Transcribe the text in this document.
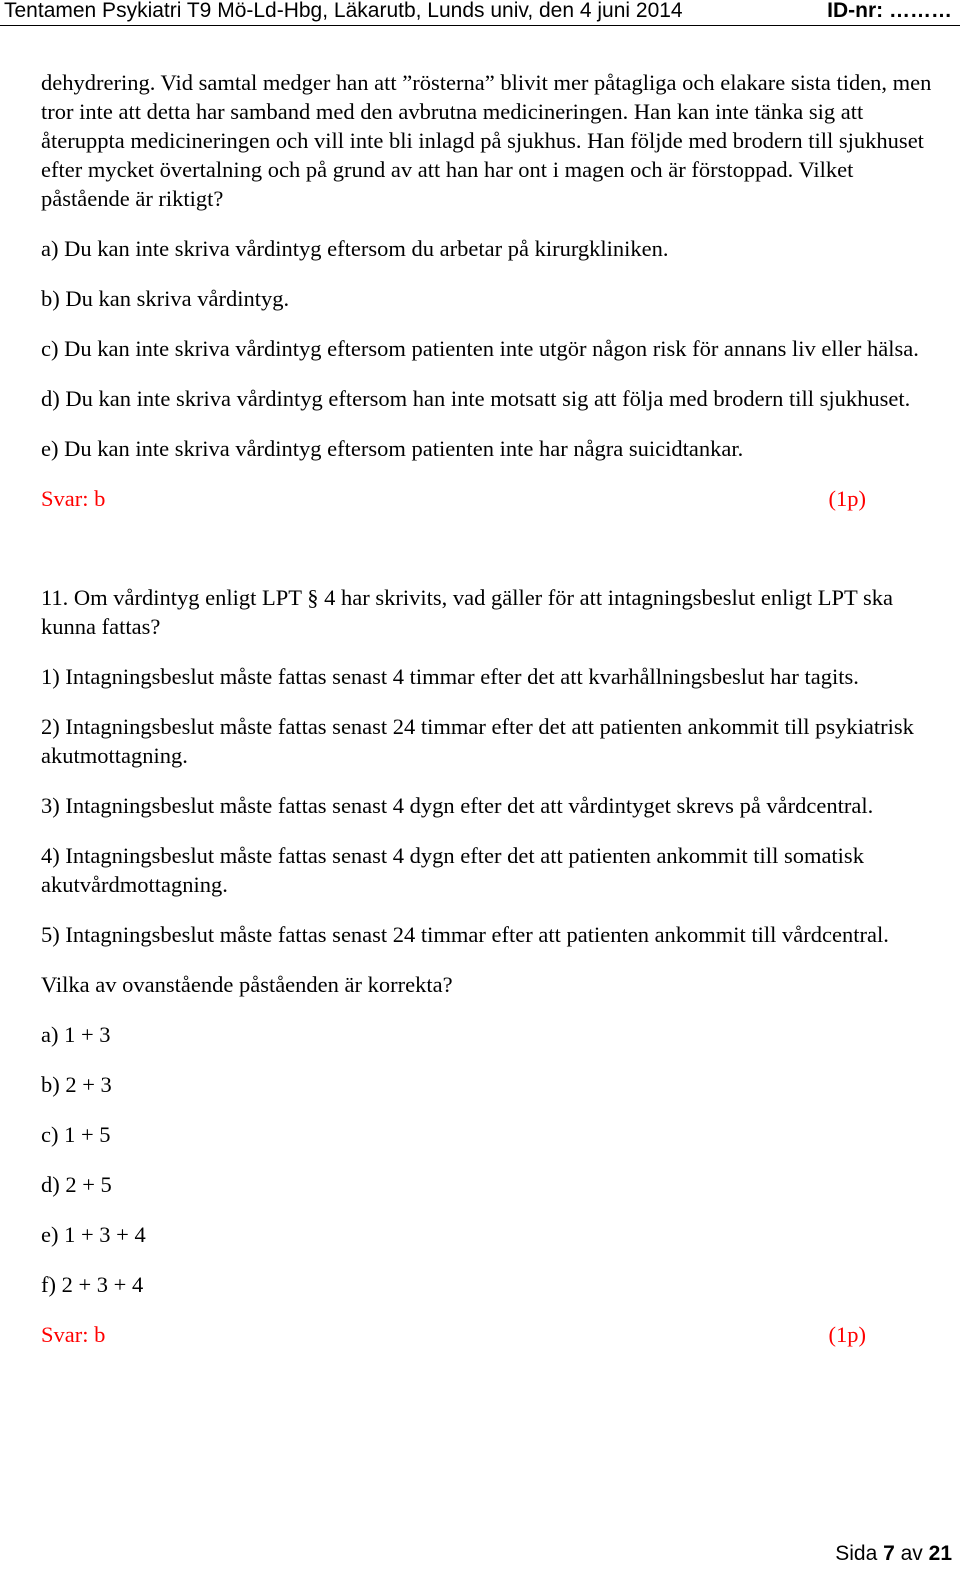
Tentamen Psykiatri T9 Mö-Ld-Hbg, Läkarutb, Lunds univ, den 4 juni 2014	ID-nr: ………

dehydrering. Vid samtal medger han att ”rösterna” blivit mer påtagliga och elakare sista tiden, men tror inte att detta har samband med den avbrutna medicineringen. Han kan inte tänka sig att återuppta medicineringen och vill inte bli inlagd på sjukhus. Han följde med brodern till sjukhuset efter mycket övertalning och på grund av att han har ont i magen och är förstoppad. Vilket påstående är riktigt?

a) Du kan inte skriva vårdintyg eftersom du arbetar på kirurgkliniken.

b) Du kan skriva vårdintyg.

c) Du kan inte skriva vårdintyg eftersom patienten inte utgör någon risk för annans liv eller hälsa.

d) Du kan inte skriva vårdintyg eftersom han inte motsatt sig att följa med brodern till sjukhuset.

e) Du kan inte skriva vårdintyg eftersom patienten inte har några suicidtankar.

Svar: b	(1p)

11. Om vårdintyg enligt LPT § 4 har skrivits, vad gäller för att intagningsbeslut enligt LPT ska kunna fattas?

1) Intagningsbeslut måste fattas senast 4 timmar efter det att kvarhållningsbeslut har tagits.

2) Intagningsbeslut måste fattas senast 24 timmar efter det att patienten ankommit till psykiatrisk akutmottagning.

3) Intagningsbeslut måste fattas senast 4 dygn efter det att vårdintyget skrevs på vårdcentral.

4) Intagningsbeslut måste fattas senast 4 dygn efter det att patienten ankommit till somatisk akutvårdmottagning.

5) Intagningsbeslut måste fattas senast 24 timmar efter att patienten ankommit till vårdcentral.

Vilka av ovanstående påståenden är korrekta?

a) 1 + 3

b) 2 + 3

c) 1 + 5

d) 2 + 5

e) 1 + 3 + 4

f) 2 + 3 + 4

Svar: b	(1p)

Sida 7 av 21
